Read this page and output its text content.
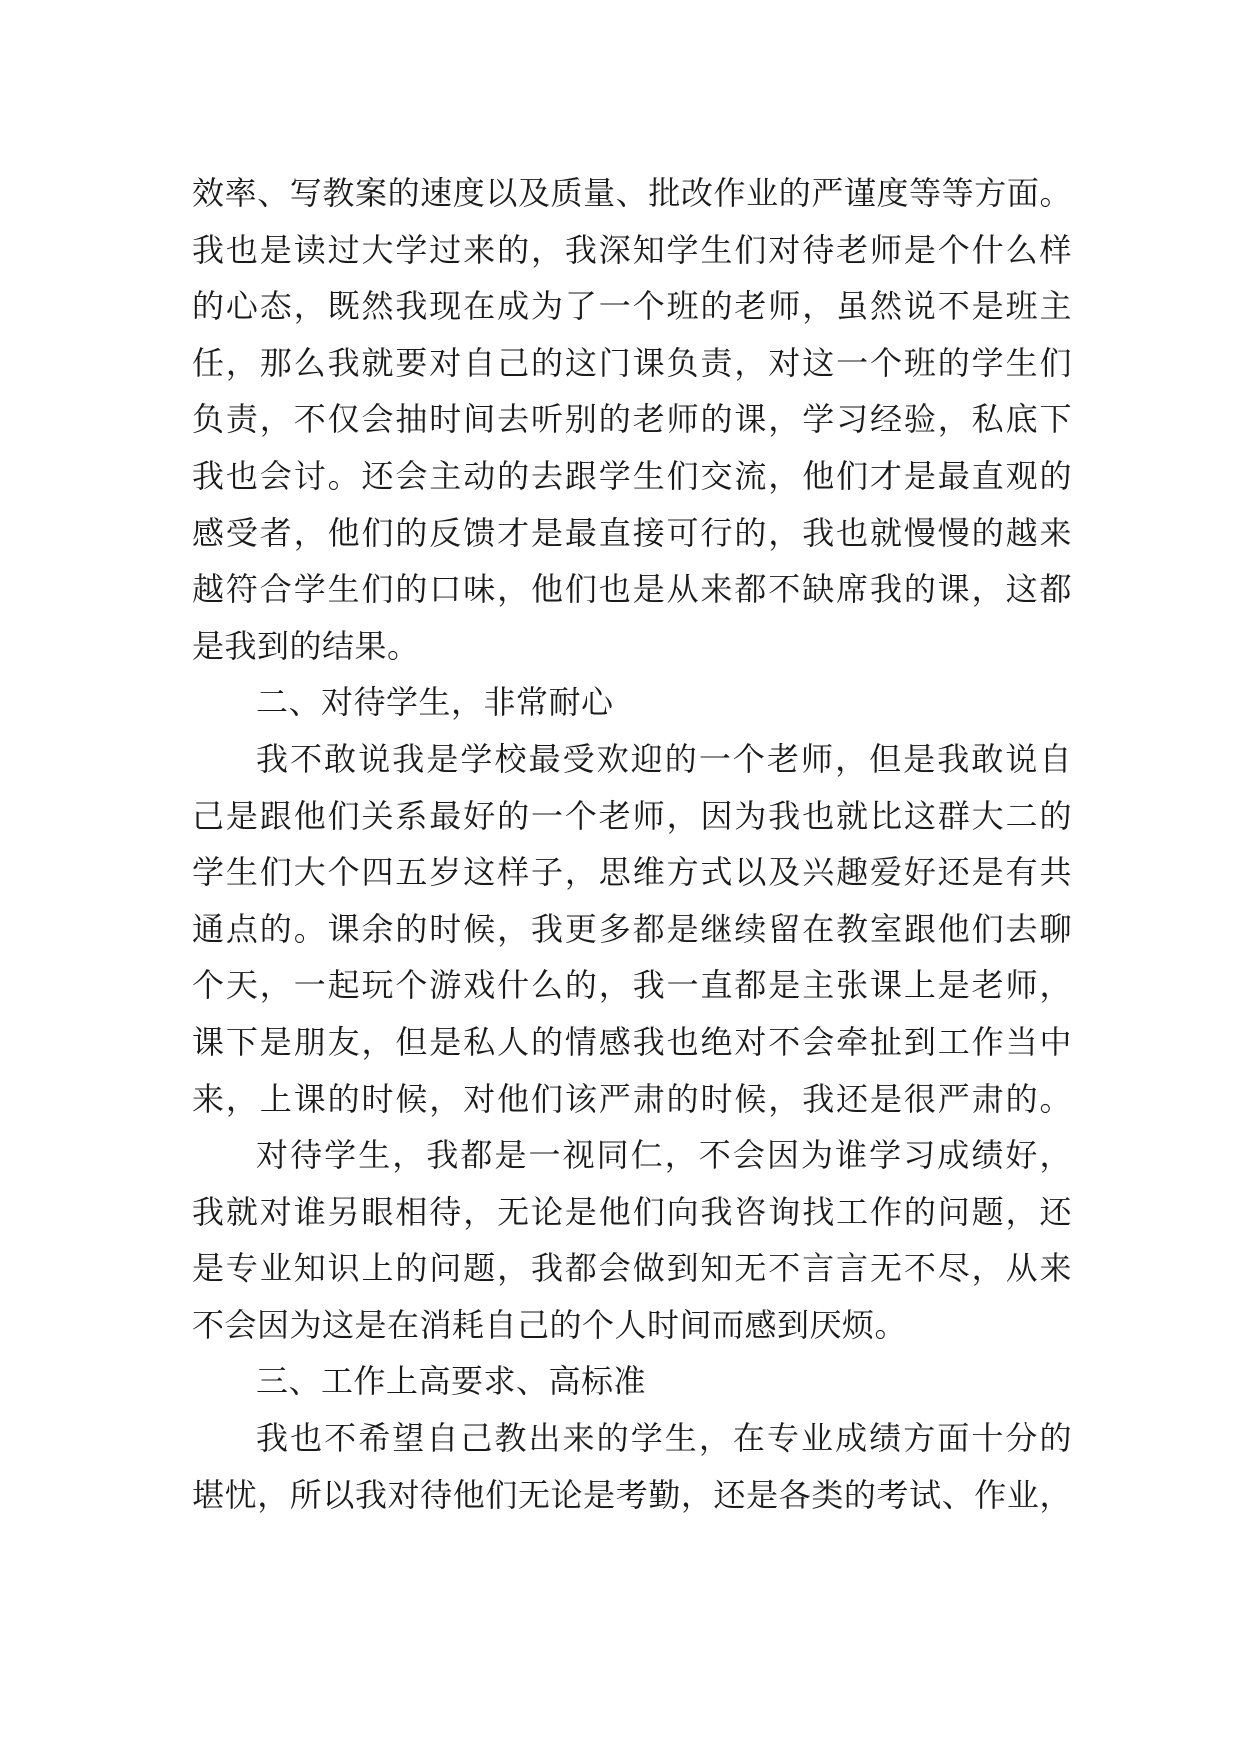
效率、写教案的速度以及质量、批改作业的严谨度等等方面。
我也是读过大学过来的，我深知学生们对待老师是个什么样
的心态，既然我现在成为了一个班的老师，虽然说不是班主
任，那么我就要对自己的这门课负责，对这一个班的学生们
负责，不仅会抽时间去听别的老师的课，学习经验，私底下
我也会讨。还会主动的去跟学生们交流，他们才是最直观的
感受者，他们的反馈才是最直接可行的，我也就慢慢的越来
越符合学生们的口味，他们也是从来都不缺席我的课，这都
是我到的结果。
二、对待学生，非常耐心
我不敢说我是学校最受欢迎的一个老师，但是我敢说自
己是跟他们关系最好的一个老师，因为我也就比这群大二的
学生们大个四五岁这样子，思维方式以及兴趣爱好还是有共
通点的。课余的时候，我更多都是继续留在教室跟他们去聊
个天，一起玩个游戏什么的，我一直都是主张课上是老师，
课下是朋友，但是私人的情感我也绝对不会牵扯到工作当中
来，上课的时候，对他们该严肃的时候，我还是很严肃的。
对待学生，我都是一视同仁，不会因为谁学习成绩好，
我就对谁另眼相待，无论是他们向我咨询找工作的问题，还
是专业知识上的问题，我都会做到知无不言言无不尽，从来
不会因为这是在消耗自己的个人时间而感到厌烦。
三、工作上高要求、高标准
我也不希望自己教出来的学生，在专业成绩方面十分的
堪忧，所以我对待他们无论是考勤，还是各类的考试、作业，
